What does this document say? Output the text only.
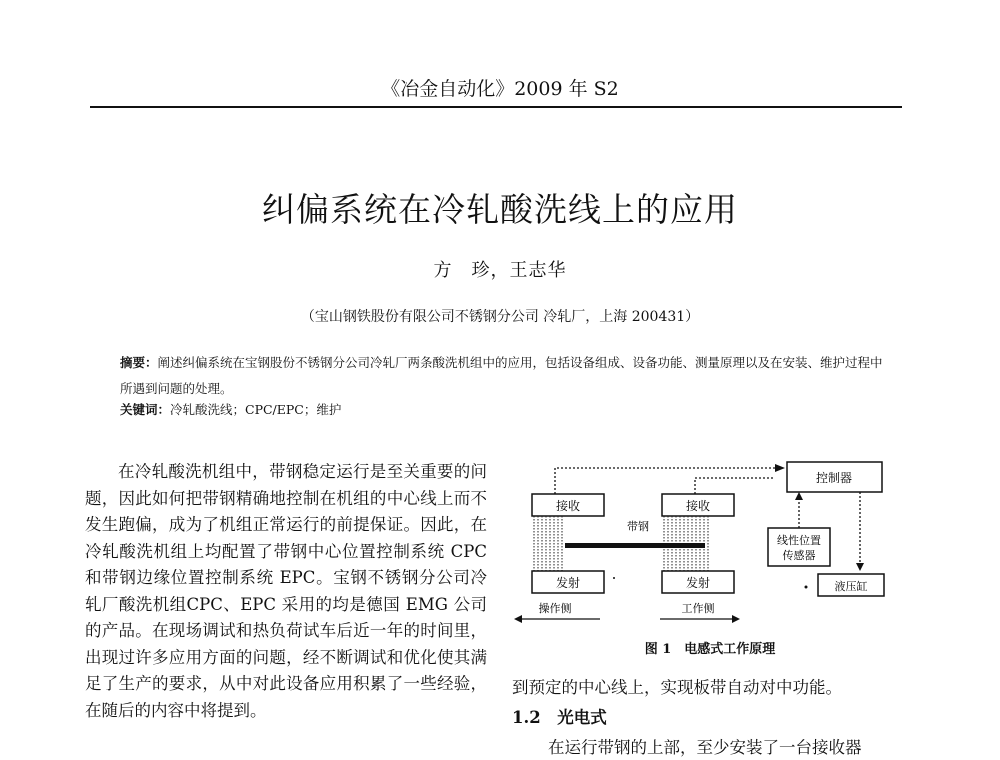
《冶金自动化》2009 年 S2
纠偏系统在冷轧酸洗线上的应用
方　珍，王志华
（宝山钢铁股份有限公司不锈钢分公司 冷轧厂，上海 200431）
摘要：阐述纠偏系统在宝钢股份不锈钢分公司冷轧厂两条酸洗机组中的应用，包括设备组成、设备功能、测量原理以及在安装、维护过程中所遇到问题的处理。
关键词：冷轧酸洗线；CPC/EPC；维护

在冷轧酸洗机组中，带钢稳定运行是至关重要的问题，因此如何把带钢精确地控制在机组的中心线上而不发生跑偏，成为了机组正常运行的前提保证。因此，在冷轧酸洗机组上均配置了带钢中心位置控制系统 CPC 和带钢边缘位置控制系统 EPC。宝钢不锈钢分公司冷轧厂酸洗机组CPC、EPC 采用的均是德国 EMG 公司的产品。在现场调试和热负荷试车后近一年的时间里，出现过许多应用方面的问题，经不断调试和优化使其满足了生产的要求，从中对此设备应用积累了一些经验，在随后的内容中将提到。

控制器
接收	接收
带钢
发射	发射
操作侧	工作侧
线性位置
传感器
液压缸
图 1　电感式工作原理
到预定的中心线上，实现板带自动对中功能。
1.2　光电式
在运行带钢的上部，至少安装了一台接收器
